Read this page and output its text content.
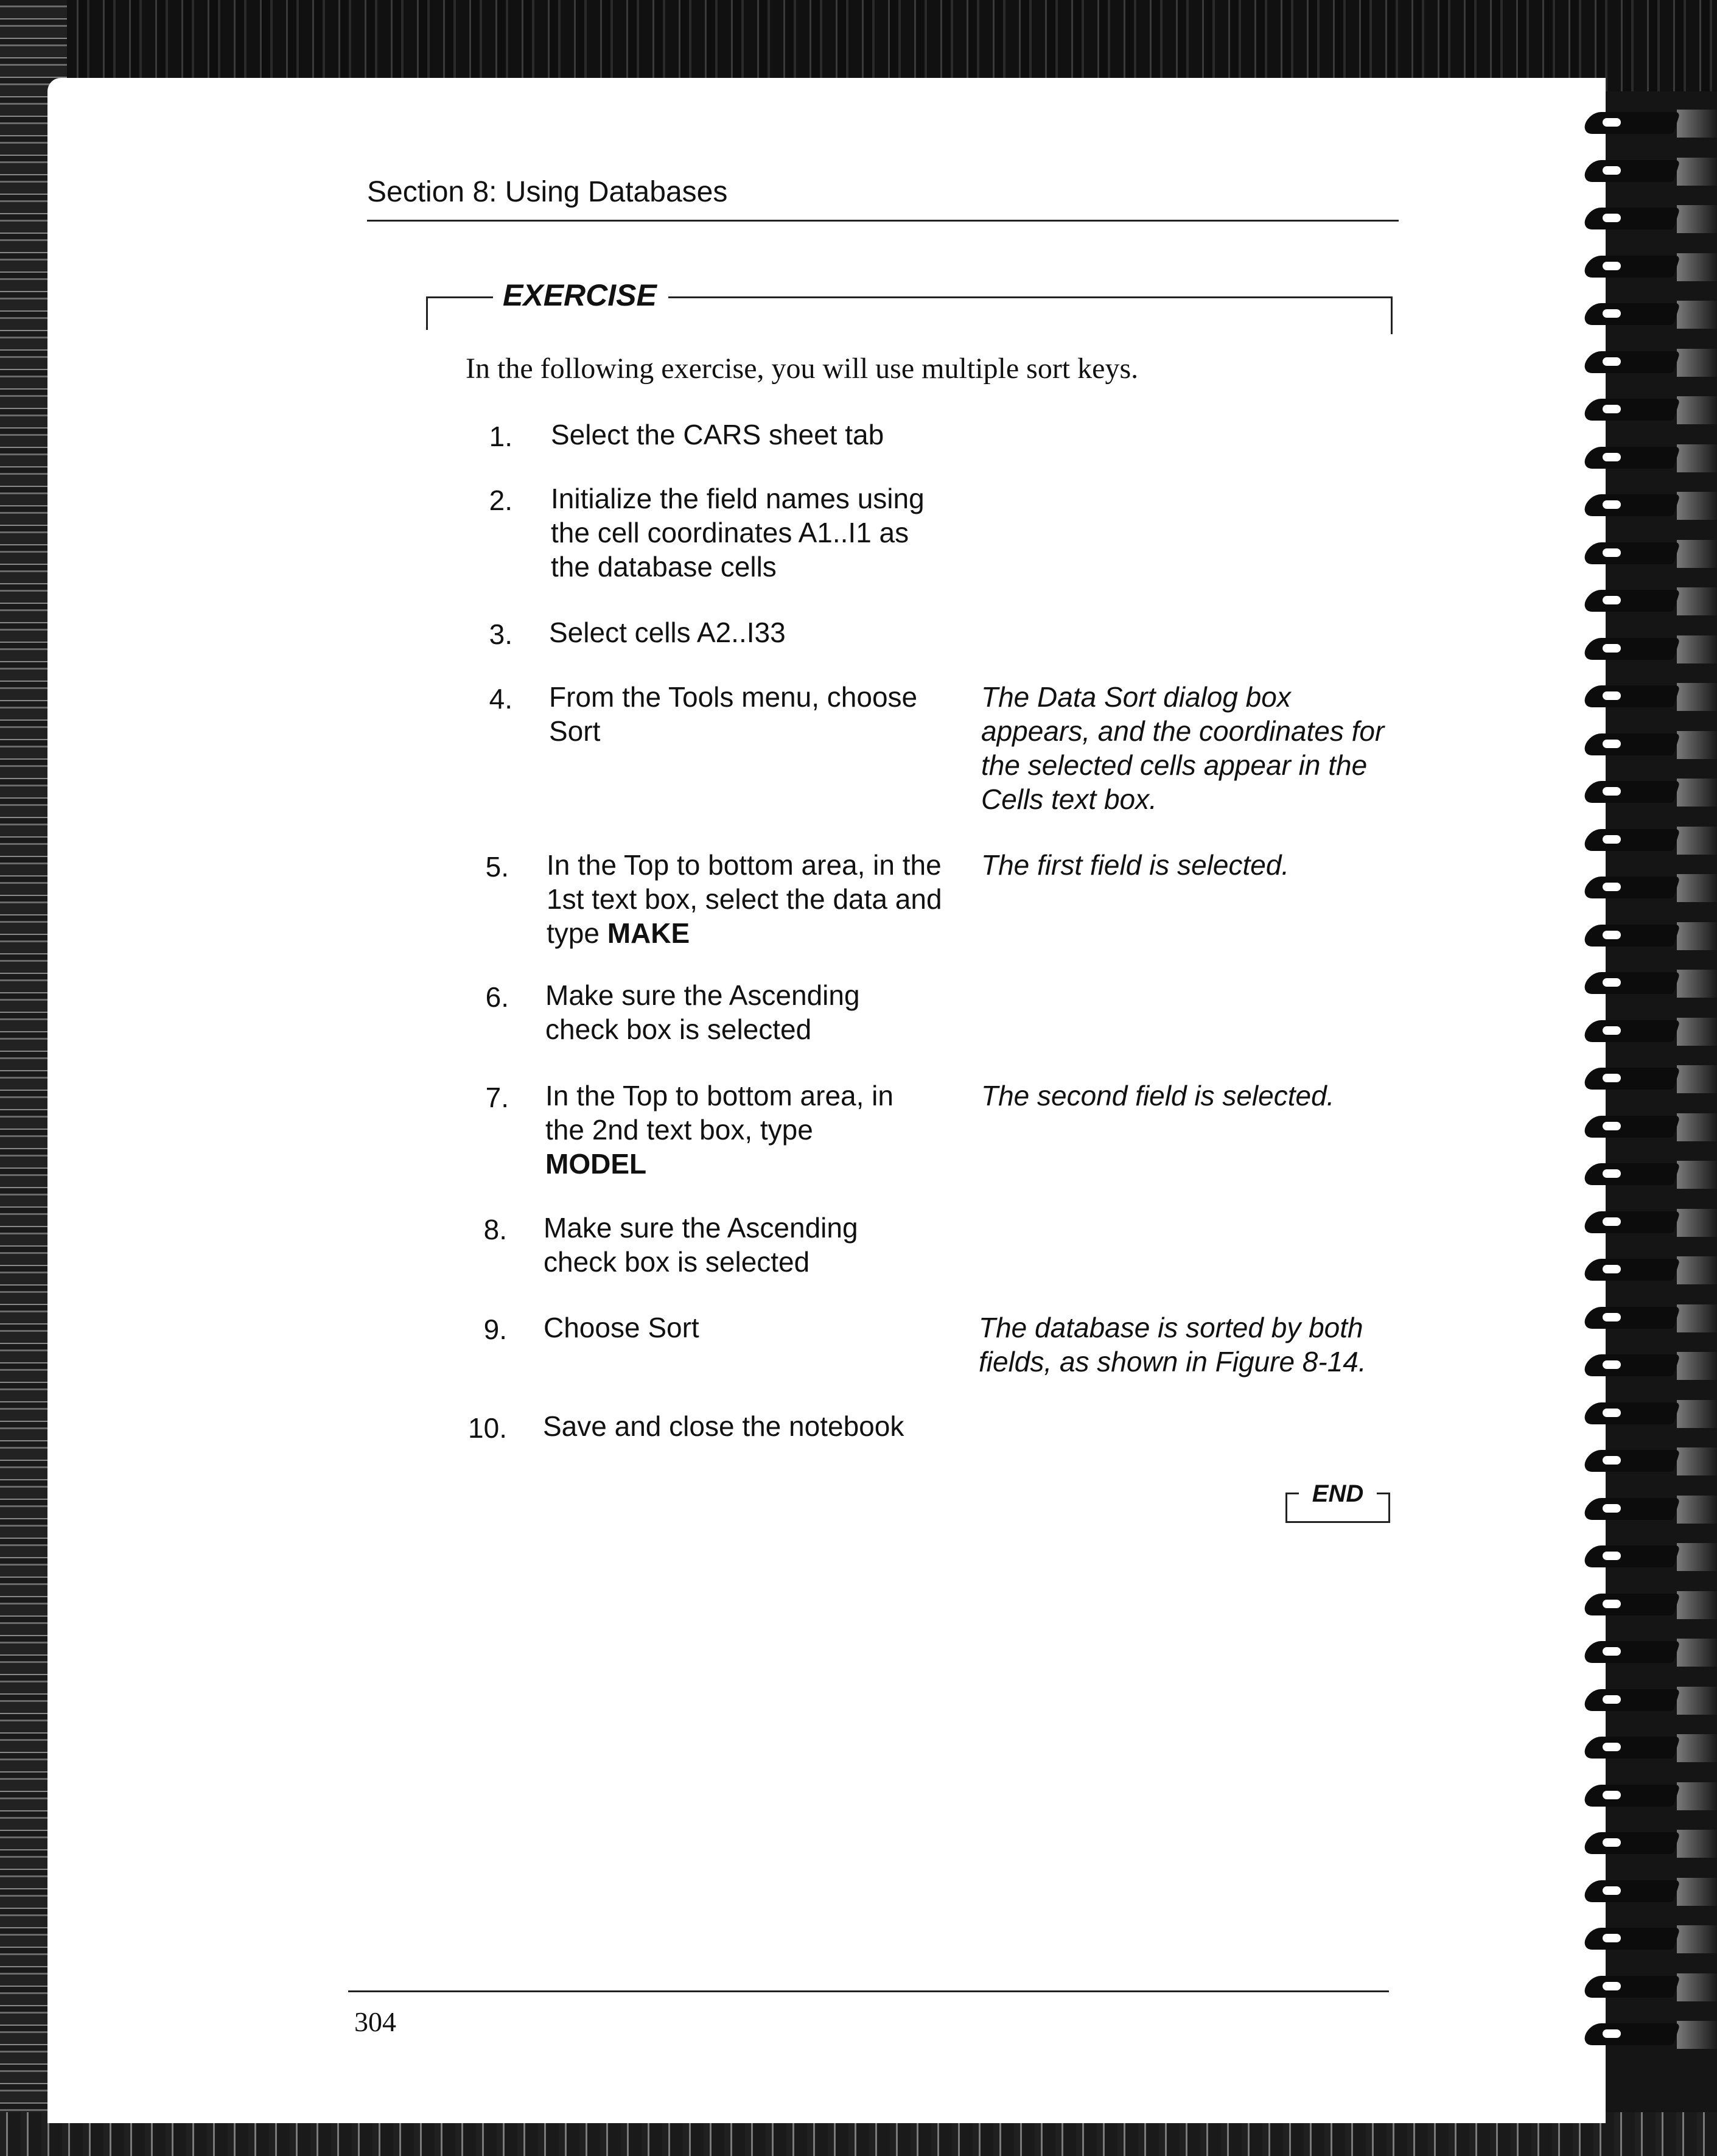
Section 8: Using Databases
EXERCISE
In the following exercise, you will use multiple sort keys.
1. Select the CARS sheet tab
2. Initialize the field names using the cell coordinates A1..I1 as the database cells
3. Select cells A2..I33
4. From the Tools menu, choose Sort
The Data Sort dialog box appears, and the coordinates for the selected cells appear in the Cells text box.
5. In the Top to bottom area, in the 1st text box, select the data and type MAKE
The first field is selected.
6. Make sure the Ascending check box is selected
7. In the Top to bottom area, in the 2nd text box, type MODEL
The second field is selected.
8. Make sure the Ascending check box is selected
9. Choose Sort	The database is sorted by both fields, as shown in Figure 8-14.
10. Save and close the notebook
END
304
